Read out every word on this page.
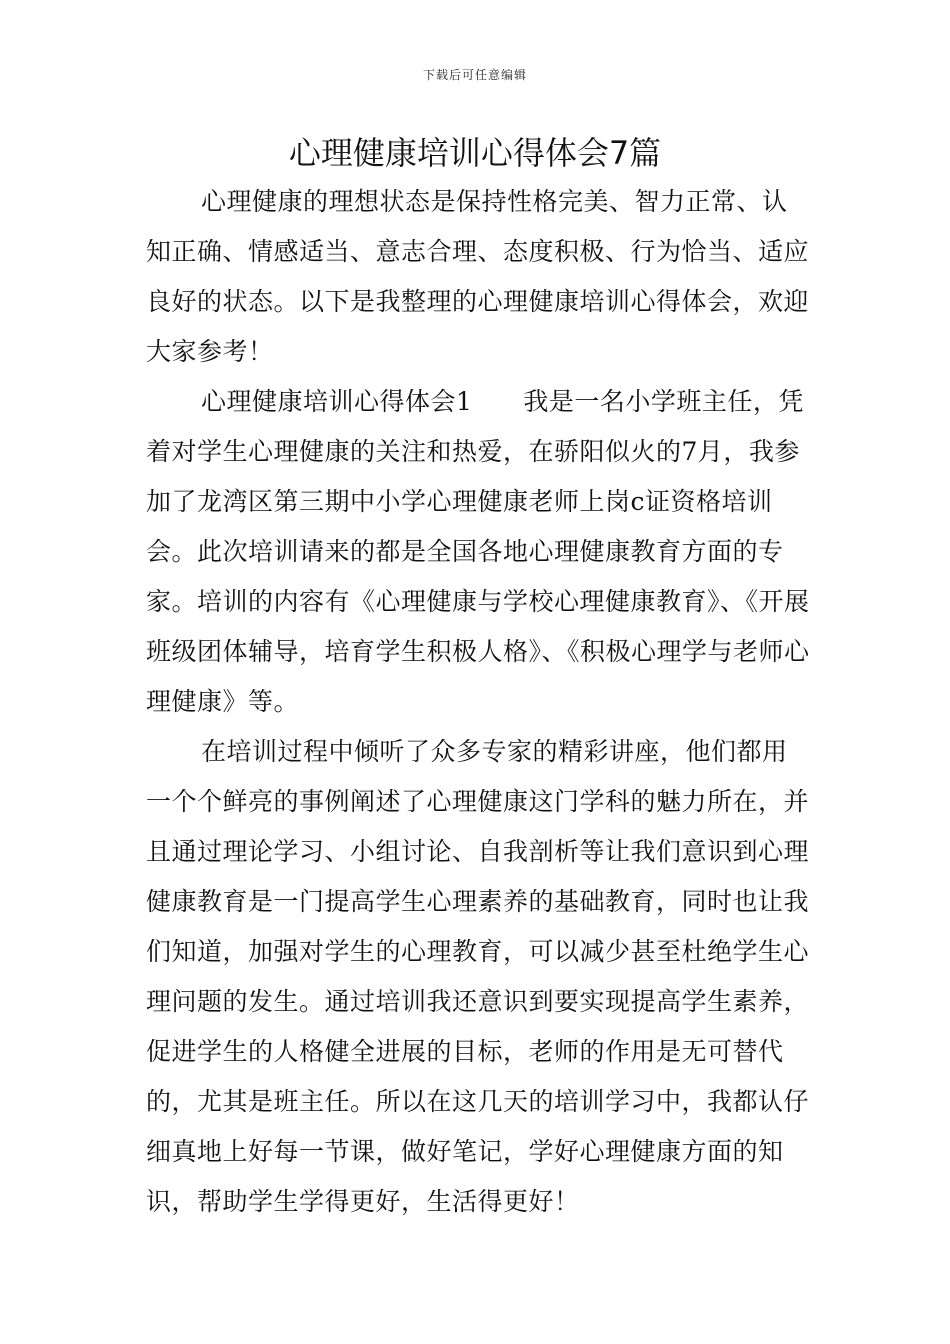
下载后可任意编辑
心理健康培训心得体会7篇

心理健康的理想状态是保持性格完美、智力正常、认知正确、情感适当、意志合理、态度积极、行为恰当、适应良好的状态。以下是我整理的心理健康培训心得体会，欢迎大家参考！

心理健康培训心得体会1　　我是一名小学班主任，凭着对学生心理健康的关注和热爱，在骄阳似火的7月，我参加了龙湾区第三期中小学心理健康老师上岗c证资格培训会。此次培训请来的都是全国各地心理健康教育方面的专家。培训的内容有《心理健康与学校心理健康教育》、《开展班级团体辅导，培育学生积极人格》、《积极心理学与老师心理健康》等。

在培训过程中倾听了众多专家的精彩讲座，他们都用一个个鲜亮的事例阐述了心理健康这门学科的魅力所在，并且通过理论学习、小组讨论、自我剖析等让我们意识到心理健康教育是一门提高学生心理素养的基础教育，同时也让我们知道，加强对学生的心理教育，可以减少甚至杜绝学生心理问题的发生。通过培训我还意识到要实现提高学生素养，促进学生的人格健全进展的目标，老师的作用是无可替代的，尤其是班主任。所以在这几天的培训学习中，我都认仔细真地上好每一节课，做好笔记，学好心理健康方面的知识，帮助学生学得更好，生活得更好！
